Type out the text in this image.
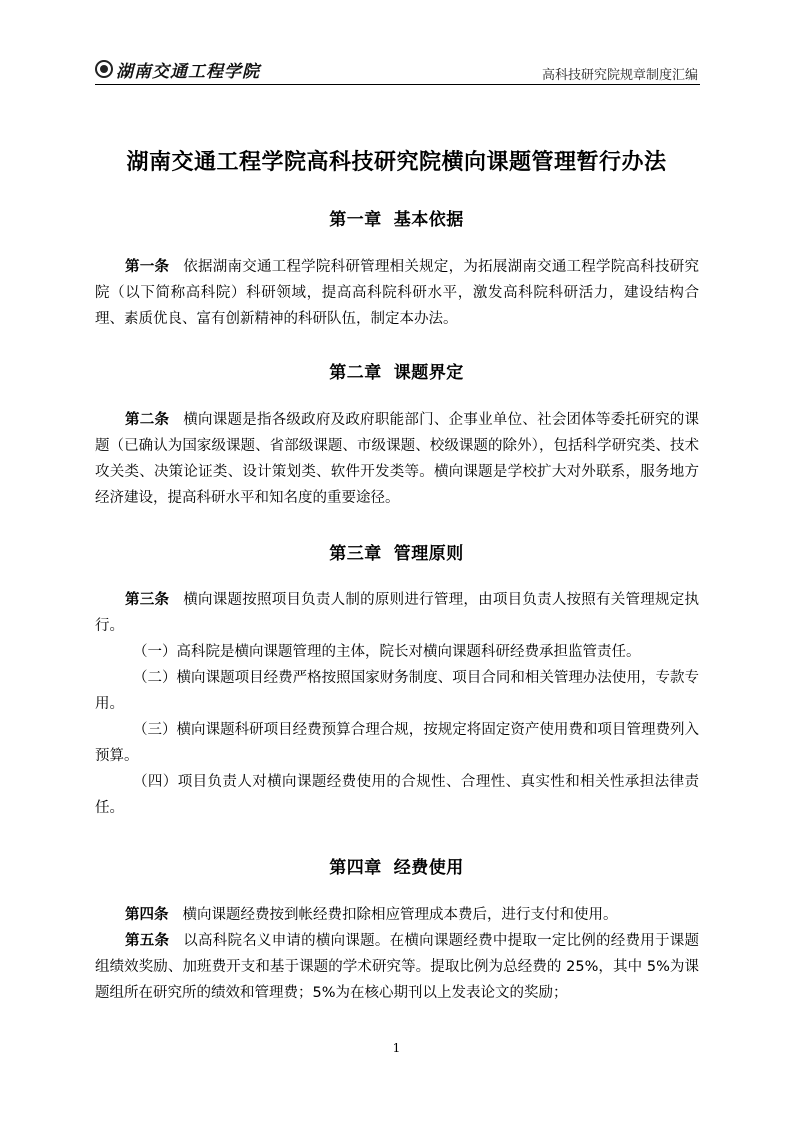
湖南交通工程学院	高科技研究院规章制度汇编
湖南交通工程学院高科技研究院横向课题管理暂行办法
第一章 基本依据
第一条 依据湖南交通工程学院科研管理相关规定，为拓展湖南交通工程学院高科技研究院（以下简称高科院）科研领域，提高高科院科研水平，激发高科院科研活力，建设结构合理、素质优良、富有创新精神的科研队伍，制定本办法。
第二章 课题界定
第二条 横向课题是指各级政府及政府职能部门、企事业单位、社会团体等委托研究的课题（已确认为国家级课题、省部级课题、市级课题、校级课题的除外），包括科学研究类、技术攻关类、决策论证类、设计策划类、软件开发类等。横向课题是学校扩大对外联系，服务地方经济建设，提高科研水平和知名度的重要途径。
第三章 管理原则
第三条 横向课题按照项目负责人制的原则进行管理，由项目负责人按照有关管理规定执行。
（一）高科院是横向课题管理的主体，院长对横向课题科研经费承担监管责任。
（二）横向课题项目经费严格按照国家财务制度、项目合同和相关管理办法使用，专款专用。
（三）横向课题科研项目经费预算合理合规，按规定将固定资产使用费和项目管理费列入预算。
（四）项目负责人对横向课题经费使用的合规性、合理性、真实性和相关性承担法律责任。
第四章 经费使用
第四条 横向课题经费按到帐经费扣除相应管理成本费后，进行支付和使用。
第五条 以高科院名义申请的横向课题。在横向课题经费中提取一定比例的经费用于课题组绩效奖励、加班费开支和基于课题的学术研究等。提取比例为总经费的 25%，其中 5%为课题组所在研究所的绩效和管理费；5%为在核心期刊以上发表论文的奖励；
1
